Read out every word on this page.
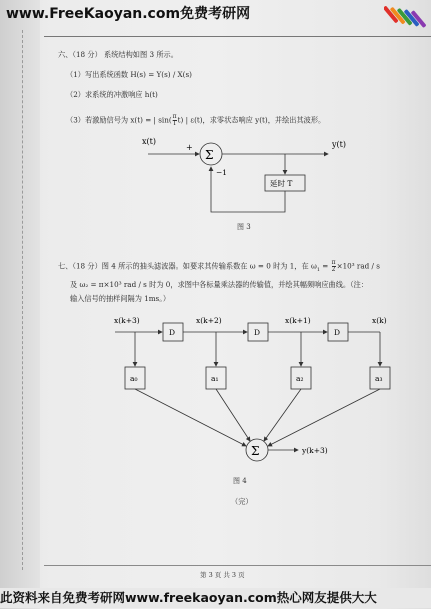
www.FreeKaoyan.com免费考研网
六、（18 分） 系统结构如图 3 所示。
（1）写出系统函数 H(s) = Y(s) / X(s)
（2）求系统的冲激响应 h(t)
（3）若激励信号为 x(t) = | $\sin( \frac{\pi}{T} t)$ | ε(t)，求零状态响应 y(t)，并绘出其波形。
x(t)
+
Σ
y(t)
延时 T
−1
图 3
七、（18 分）图 4 所示的抽头滤波器。如要求其传输系数在 ω = 0 时为 1，在 $\omega_1 = \frac{\pi}{2} \times 10^3$ rad / s
及 ω₂ = π×10³ rad / s 时为 0，求图中各标量乘法器的传输值，并绘其幅频响应曲线。（注：
输入信号的抽样间隔为 1ms。）
x(k+3)	x(k+2)	x(k+1)	x(k)
D	D	D
a₀	a₁	a₂	a₃
Σ	y(k+3)
图 4
（完）
第 3 页 共 3 页
此资料来自免费考研网www.freekaoyan.com热心网友提供大大
